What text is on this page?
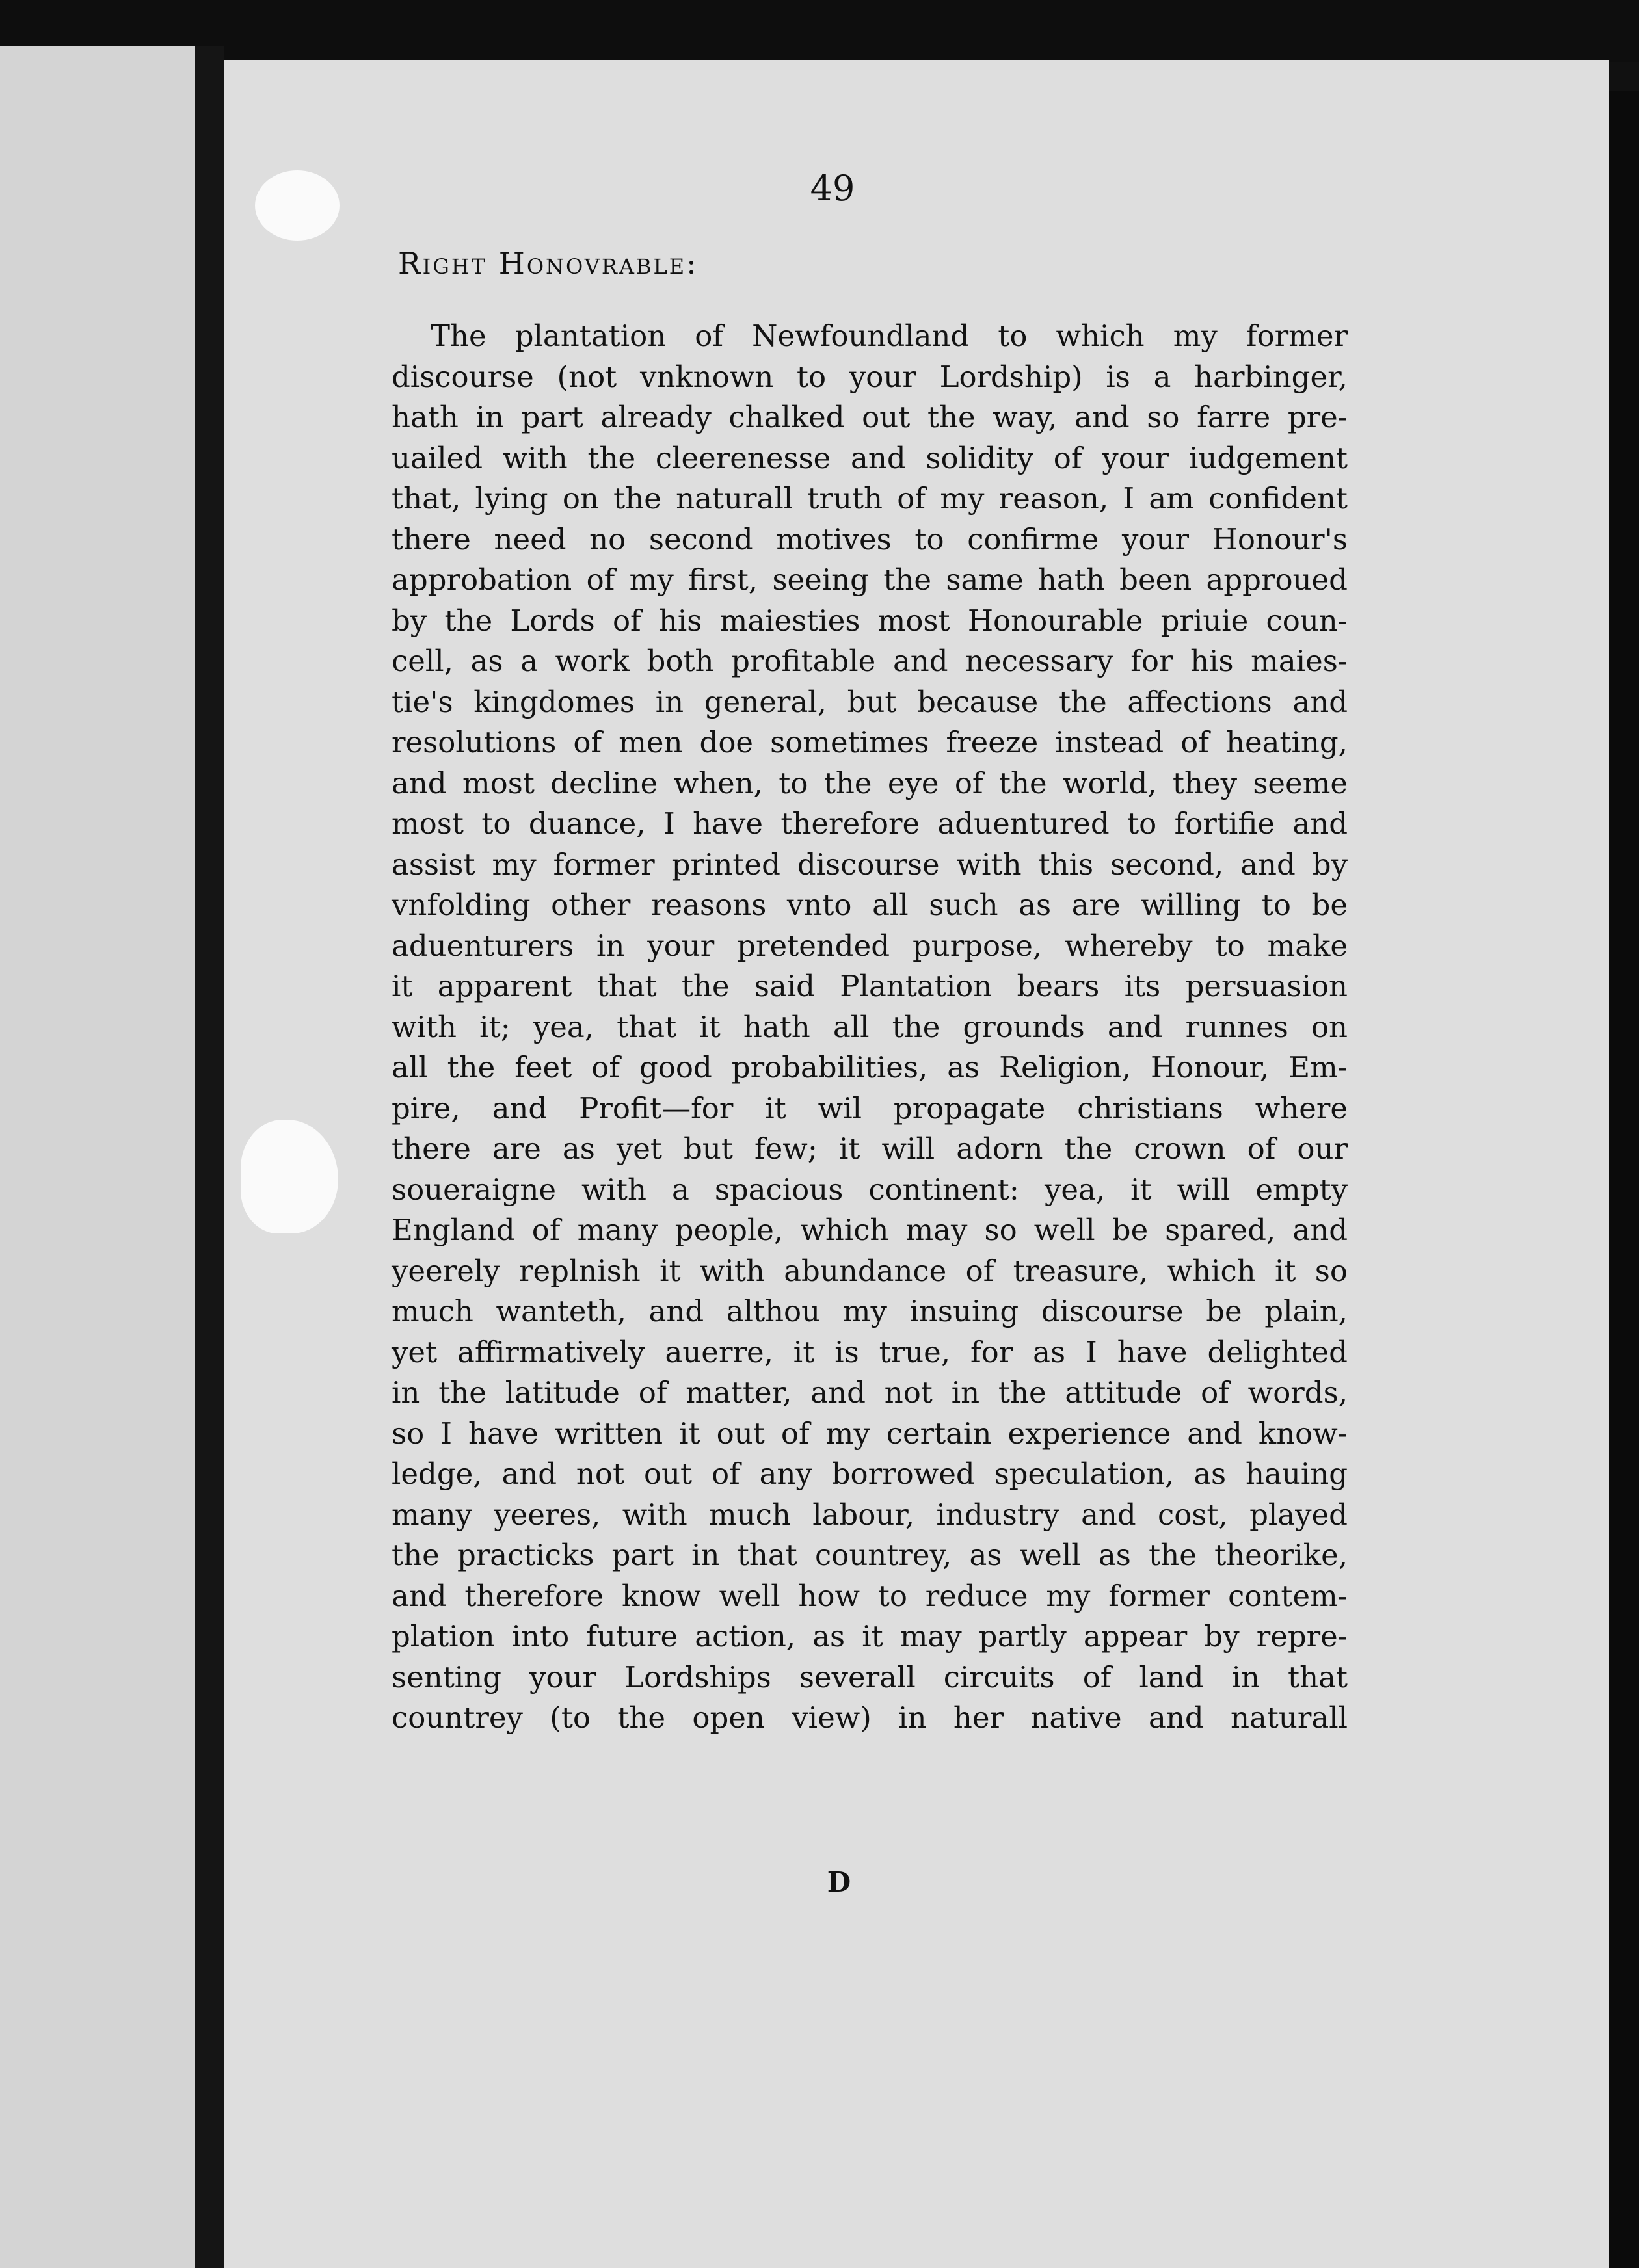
49
Right Honovrable:
The plantation of Newfoundland to which my former
discourse (not vnknown to your Lordship) is a harbinger,
hath in part already chalked out the way, and so farre pre-
uailed with the cleerenesse and solidity of your iudgement
that, lying on the naturall truth of my reason, I am confident
there need no second motives to confirme your Honour's
approbation of my first, seeing the same hath been approued
by the Lords of his maiesties most Honourable priuie coun-
cell, as a work both profitable and necessary for his maies-
tie's kingdomes in general, but because the affections and
resolutions of men doe sometimes freeze instead of heating,
and most decline when, to the eye of the world, they seeme
most to duance, I have therefore aduentured to fortifie and
assist my former printed discourse with this second, and by
vnfolding other reasons vnto all such as are willing to be
aduenturers in your pretended purpose, whereby to make
it apparent that the said Plantation bears its persuasion
with it; yea, that it hath all the grounds and runnes on
all the feet of good probabilities, as Religion, Honour, Em-
pire, and Profit—for it wil propagate christians where
there are as yet but few; it will adorn the crown of our
soueraigne with a spacious continent: yea, it will empty
England of many people, which may so well be spared, and
yeerely replnish it with abundance of treasure, which it so
much wanteth, and althou my insuing discourse be plain,
yet affirmatively auerre, it is true, for as I have delighted
in the latitude of matter, and not in the attitude of words,
so I have written it out of my certain experience and know-
ledge, and not out of any borrowed speculation, as hauing
many yeeres, with much labour, industry and cost, played
the practicks part in that countrey, as well as the theorike,
and therefore know well how to reduce my former contem-
plation into future action, as it may partly appear by repre-
senting your Lordships severall circuits of land in that
countrey (to the open view) in her native and naturall
D
